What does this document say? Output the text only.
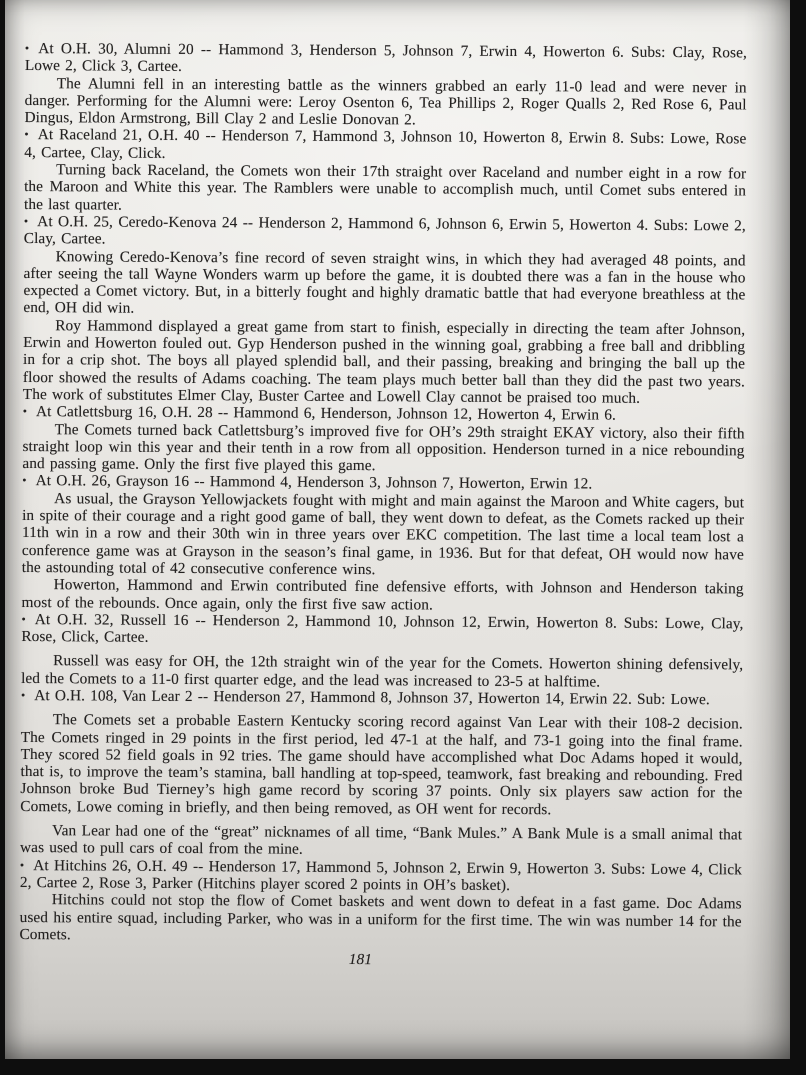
• At O.H. 30, Alumni 20 -- Hammond 3, Henderson 5, Johnson 7, Erwin 4, Howerton 6. Subs: Clay, Rose, Lowe 2, Click 3, Cartee.

The Alumni fell in an interesting battle as the winners grabbed an early 11-0 lead and were never in danger. Performing for the Alumni were: Leroy Osenton 6, Tea Phillips 2, Roger Qualls 2, Red Rose 6, Paul Dingus, Eldon Armstrong, Bill Clay 2 and Leslie Donovan 2.

• At Raceland 21, O.H. 40 -- Henderson 7, Hammond 3, Johnson 10, Howerton 8, Erwin 8. Subs: Lowe, Rose 4, Cartee, Clay, Click.

Turning back Raceland, the Comets won their 17th straight over Raceland and number eight in a row for the Maroon and White this year. The Ramblers were unable to accomplish much, until Comet subs entered in the last quarter.

• At O.H. 25, Ceredo-Kenova 24 -- Henderson 2, Hammond 6, Johnson 6, Erwin 5, Howerton 4. Subs: Lowe 2, Clay, Cartee.

Knowing Ceredo-Kenova’s fine record of seven straight wins, in which they had averaged 48 points, and after seeing the tall Wayne Wonders warm up before the game, it is doubted there was a fan in the house who expected a Comet victory. But, in a bitterly fought and highly dramatic battle that had everyone breathless at the end, OH did win.

Roy Hammond displayed a great game from start to finish, especially in directing the team after Johnson, Erwin and Howerton fouled out. Gyp Henderson pushed in the winning goal, grabbing a free ball and dribbling in for a crip shot. The boys all played splendid ball, and their passing, breaking and bringing the ball up the floor showed the results of Adams coaching. The team plays much better ball than they did the past two years. The work of substitutes Elmer Clay, Buster Cartee and Lowell Clay cannot be praised too much.

• At Catlettsburg 16, O.H. 28 -- Hammond 6, Henderson, Johnson 12, Howerton 4, Erwin 6.

The Comets turned back Catlettsburg’s improved five for OH’s 29th straight EKAY victory, also their fifth straight loop win this year and their tenth in a row from all opposition. Henderson turned in a nice rebounding and passing game. Only the first five played this game.

• At O.H. 26, Grayson 16 -- Hammond 4, Henderson 3, Johnson 7, Howerton, Erwin 12.

As usual, the Grayson Yellowjackets fought with might and main against the Maroon and White cagers, but in spite of their courage and a right good game of ball, they went down to defeat, as the Comets racked up their 11th win in a row and their 30th win in three years over EKC competition. The last time a local team lost a conference game was at Grayson in the season’s final game, in 1936. But for that defeat, OH would now have the astounding total of 42 consecutive conference wins.

Howerton, Hammond and Erwin contributed fine defensive efforts, with Johnson and Henderson taking most of the rebounds. Once again, only the first five saw action.

• At O.H. 32, Russell 16 -- Henderson 2, Hammond 10, Johnson 12, Erwin, Howerton 8. Subs: Lowe, Clay, Rose, Click, Cartee.

Russell was easy for OH, the 12th straight win of the year for the Comets. Howerton shining defensively, led the Comets to a 11-0 first quarter edge, and the lead was increased to 23-5 at halftime.

• At O.H. 108, Van Lear 2 -- Henderson 27, Hammond 8, Johnson 37, Howerton 14, Erwin 22. Sub: Lowe.

The Comets set a probable Eastern Kentucky scoring record against Van Lear with their 108-2 decision. The Comets ringed in 29 points in the first period, led 47-1 at the half, and 73-1 going into the final frame. They scored 52 field goals in 92 tries. The game should have accomplished what Doc Adams hoped it would, that is, to improve the team’s stamina, ball handling at top-speed, teamwork, fast breaking and rebounding. Fred Johnson broke Bud Tierney’s high game record by scoring 37 points. Only six players saw action for the Comets, Lowe coming in briefly, and then being removed, as OH went for records.

Van Lear had one of the “great” nicknames of all time, “Bank Mules.” A Bank Mule is a small animal that was used to pull cars of coal from the mine.

• At Hitchins 26, O.H. 49 -- Henderson 17, Hammond 5, Johnson 2, Erwin 9, Howerton 3. Subs: Lowe 4, Click 2, Cartee 2, Rose 3, Parker (Hitchins player scored 2 points in OH’s basket).

Hitchins could not stop the flow of Comet baskets and went down to defeat in a fast game. Doc Adams used his entire squad, including Parker, who was in a uniform for the first time. The win was number 14 for the Comets.

181
